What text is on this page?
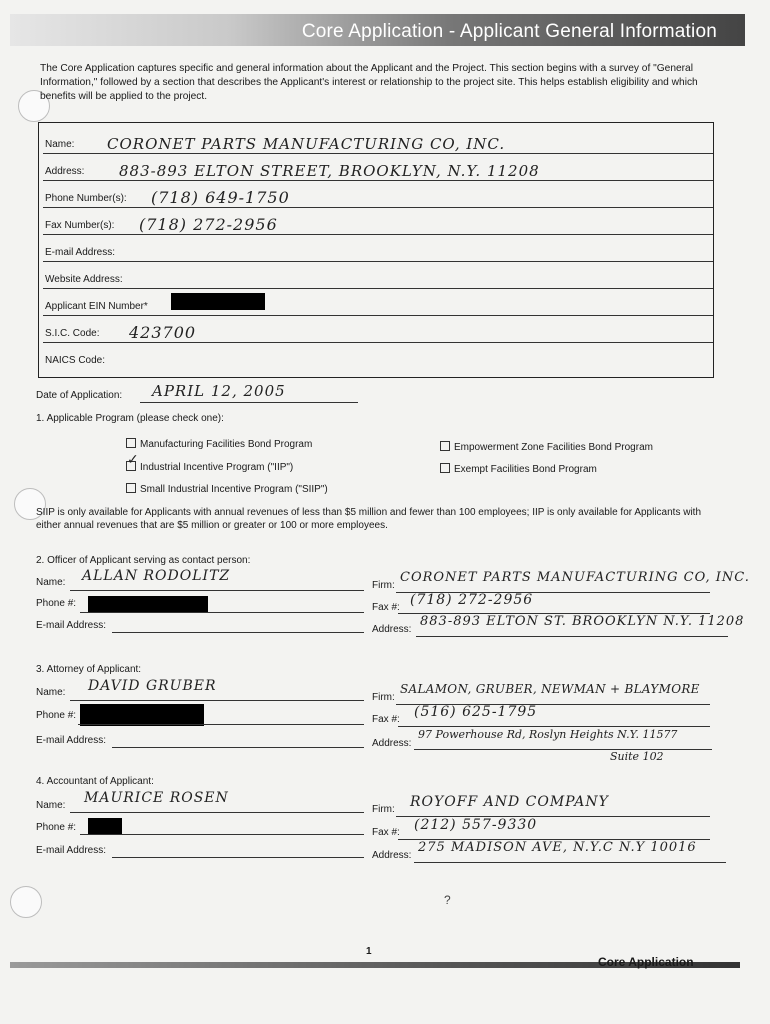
Core Application - Applicant General Information
The Core Application captures specific and general information about the Applicant and the Project. This section begins with a survey of "General Information," followed by a section that describes the Applicant's interest or relationship to the project site. This helps establish eligibility and which benefits will be applied to the project.
Name: CORONET PARTS MANUFACTURING CO, INC.
Address: 883-893 ELTON STREET, BROOKLYN, N.Y. 11208
Phone Number(s): (718) 649-1750
Fax Number(s): (718) 272-2956
E-mail Address:
Website Address:
Applicant EIN Number*
S.I.C. Code: 423700
NAICS Code:
Date of Application: APRIL 12, 2005
1. Applicable Program (please check one):
Manufacturing Facilities Bond Program
Industrial Incentive Program ("IIP")
✓
Small Industrial Incentive Program ("SIIP")
Empowerment Zone Facilities Bond Program
Exempt Facilities Bond Program
SIIP is only available for Applicants with annual revenues of less than $5 million and fewer than 100 employees; IIP is only available for Applicants with either annual revenues that are $5 million or greater or 100 or more employees.
2. Officer of Applicant serving as contact person:
Name: ALLAN RODOLITZ
Phone #:
E-mail Address:
Firm:
CORONET PARTS MANUFACTURING CO, INC.
Fax #: (718) 272-2956
Address:
883-893 ELTON ST. BROOKLYN N.Y. 11208
3. Attorney of Applicant:
Name: DAVID GRUBER
Phone #:
E-mail Address:
Firm:
SALAMON, GRUBER, NEWMAN + BLAYMORE
Fax #: (516) 625-1795
Address:
97 Powerhouse Rd, Roslyn Heights N.Y. 11577
Suite 102
4. Accountant of Applicant:
Name: MAURICE ROSEN
Phone #:
E-mail Address:
Firm: ROYOFF AND COMPANY
Fax #: (212) 557-9330
Address:
275 MADISON AVE, N.Y.C N.Y 10016
?
1
Core Application
